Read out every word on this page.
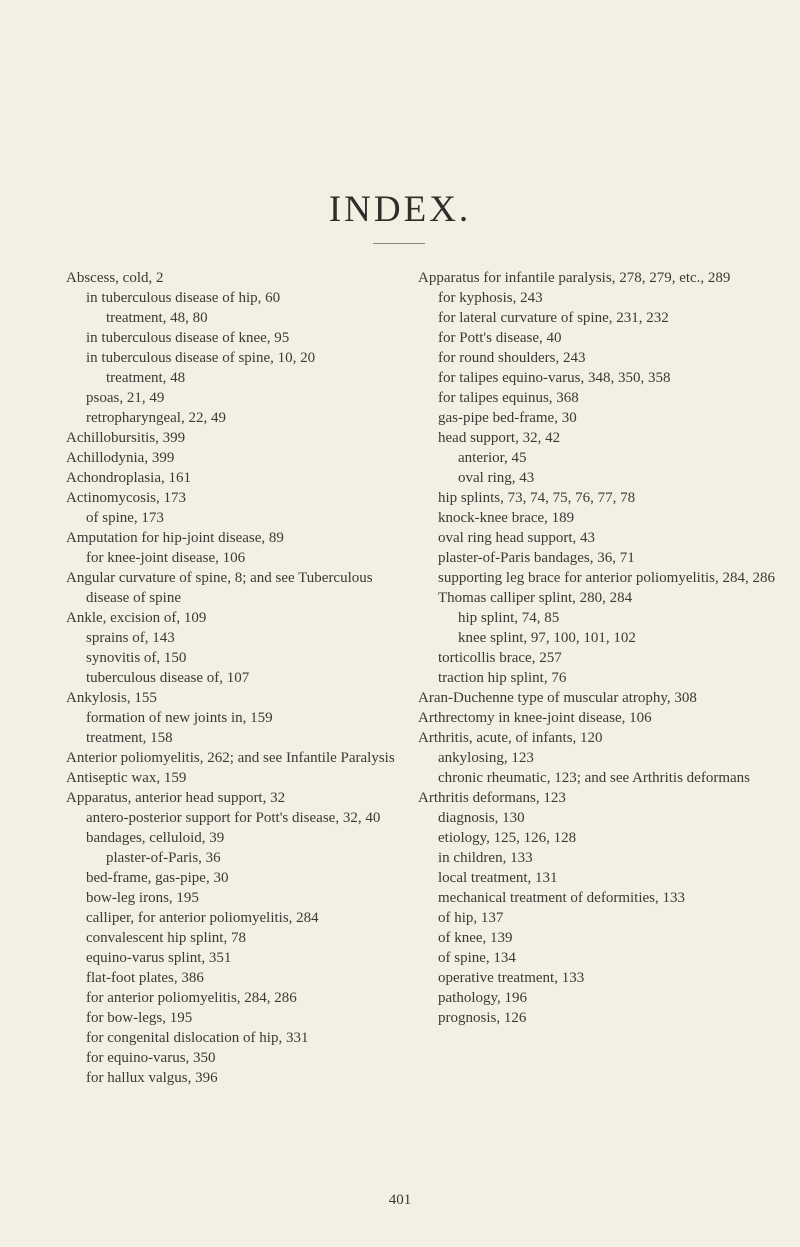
INDEX.

Abscess, cold, 2

in tuberculous disease of hip, 60

treatment, 48, 80

in tuberculous disease of knee, 95

in tuberculous disease of spine, 10, 20

treatment, 48

psoas, 21, 49

retropharyngeal, 22, 49

Achillobursitis, 399

Achillodynia, 399

Achondroplasia, 161

Actinomycosis, 173

of spine, 173

Amputation for hip-joint disease, 89

for knee-joint disease, 106

Angular curvature of spine, 8; and see Tuberculous disease of spine

Ankle, excision of, 109

sprains of, 143

synovitis of, 150

tuberculous disease of, 107

Ankylosis, 155

formation of new joints in, 159

treatment, 158

Anterior poliomyelitis, 262; and see Infantile Paralysis

Antiseptic wax, 159

Apparatus, anterior head support, 32

antero-posterior support for Pott's disease, 32, 40

bandages, celluloid, 39

plaster-of-Paris, 36

bed-frame, gas-pipe, 30

bow-leg irons, 195

calliper, for anterior poliomyelitis, 284

convalescent hip splint, 78

equino-varus splint, 351

flat-foot plates, 386

for anterior poliomyelitis, 284, 286

for bow-legs, 195

for congenital dislocation of hip, 331

for equino-varus, 350

for hallux valgus, 396

Apparatus for infantile paralysis, 278, 279, etc., 289

for kyphosis, 243

for lateral curvature of spine, 231, 232

for Pott's disease, 40

for round shoulders, 243

for talipes equino-varus, 348, 350, 358

for talipes equinus, 368

gas-pipe bed-frame, 30

head support, 32, 42

anterior, 45

oval ring, 43

hip splints, 73, 74, 75, 76, 77, 78

knock-knee brace, 189

oval ring head support, 43

plaster-of-Paris bandages, 36, 71

supporting leg brace for anterior poliomyelitis, 284, 286

Thomas calliper splint, 280, 284

hip splint, 74, 85

knee splint, 97, 100, 101, 102

torticollis brace, 257

traction hip splint, 76

Aran-Duchenne type of muscular atrophy, 308

Arthrectomy in knee-joint disease, 106

Arthritis, acute, of infants, 120

ankylosing, 123

chronic rheumatic, 123; and see Arthritis deformans

Arthritis deformans, 123

diagnosis, 130

etiology, 125, 126, 128

in children, 133

local treatment, 131

mechanical treatment of deformities, 133

of hip, 137

of knee, 139

of spine, 134

operative treatment, 133

pathology, 196

prognosis, 126

401
